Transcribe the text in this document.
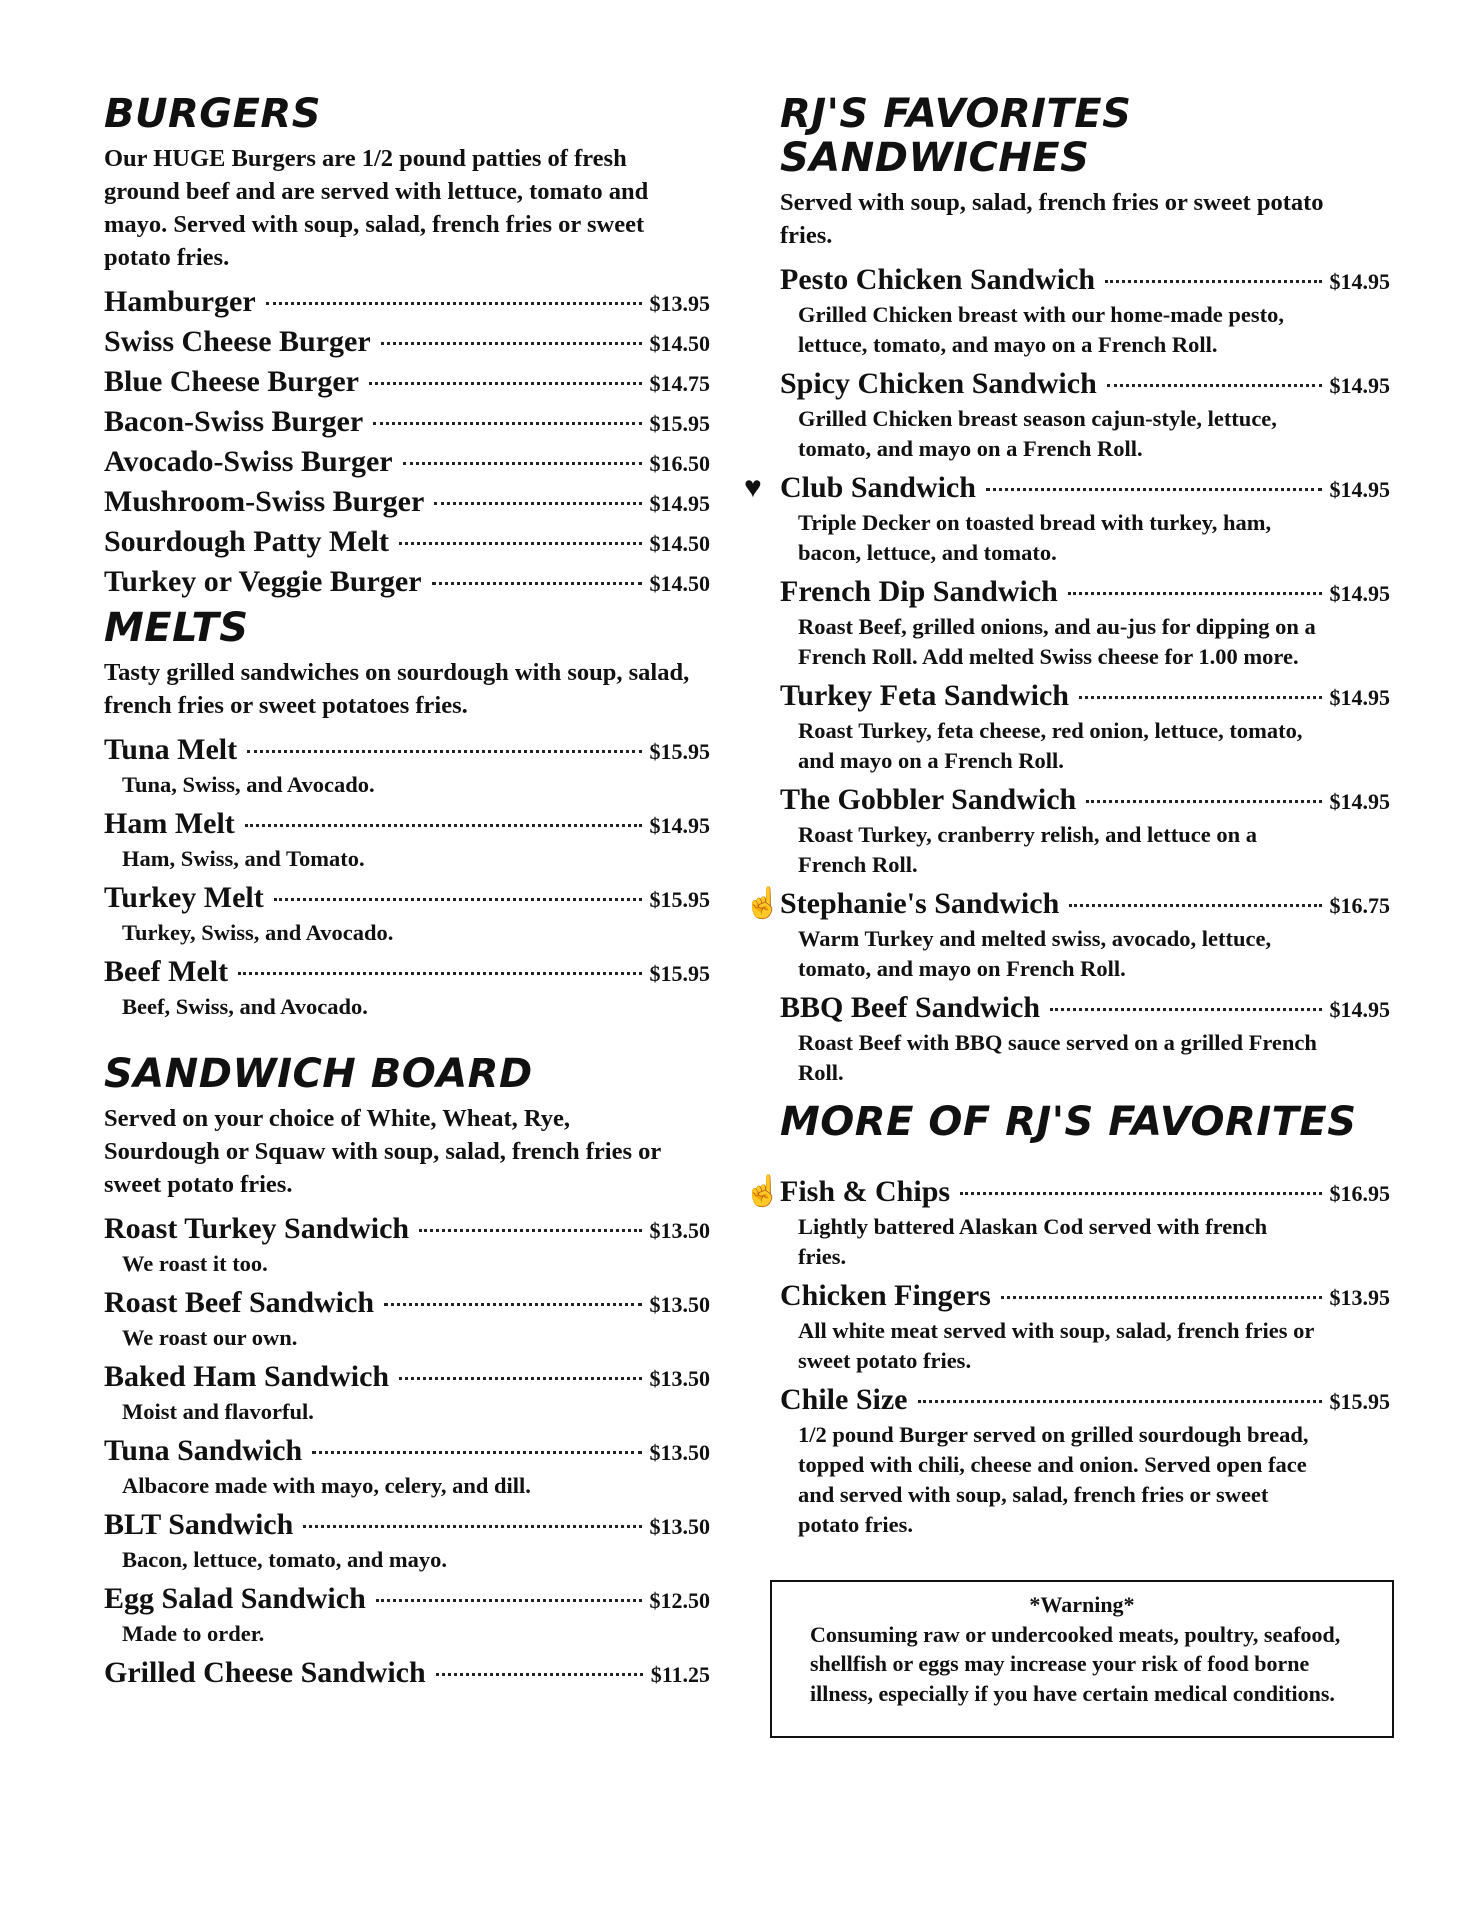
BURGERS
Our HUGE Burgers are 1/2 pound patties of fresh ground beef and are served with lettuce, tomato and mayo. Served with soup, salad, french fries or sweet potato fries.
Hamburger	$13.95
Swiss Cheese Burger	$14.50
Blue Cheese Burger	$14.75
Bacon-Swiss Burger	$15.95
Avocado-Swiss Burger	$16.50
Mushroom-Swiss Burger	$14.95
Sourdough Patty Melt	$14.50
Turkey or Veggie Burger	$14.50
MELTS
Tasty grilled sandwiches on sourdough with soup, salad, french fries or sweet potatoes fries.
Tuna Melt	$15.95
Tuna, Swiss, and Avocado.
Ham Melt	$14.95
Ham, Swiss, and Tomato.
Turkey Melt	$15.95
Turkey, Swiss, and Avocado.
Beef Melt	$15.95
Beef, Swiss, and Avocado.
SANDWICH BOARD
Served on your choice of White, Wheat, Rye, Sourdough or Squaw with soup, salad, french fries or sweet potato fries.
Roast Turkey Sandwich	$13.50
We roast it too.
Roast Beef Sandwich	$13.50
We roast our own.
Baked Ham Sandwich	$13.50
Moist and flavorful.
Tuna Sandwich	$13.50
Albacore made with mayo, celery, and dill.
BLT Sandwich	$13.50
Bacon, lettuce, tomato, and mayo.
Egg Salad Sandwich	$12.50
Made to order.
Grilled Cheese Sandwich	$11.25
RJ'S FAVORITES SANDWICHES
Served with soup, salad, french fries or sweet potato fries.
Pesto Chicken Sandwich	$14.95
Grilled Chicken breast with our home-made pesto, lettuce, tomato, and mayo on a French Roll.
Spicy Chicken Sandwich	$14.95
Grilled Chicken breast season cajun-style, lettuce, tomato, and mayo on a French Roll.
♥ Club Sandwich	$14.95
Triple Decker on toasted bread with turkey, ham, bacon, lettuce, and tomato.
French Dip Sandwich	$14.95
Roast Beef, grilled onions, and au-jus for dipping on a French Roll. Add melted Swiss cheese for 1.00 more.
Turkey Feta Sandwich	$14.95
Roast Turkey, feta cheese, red onion, lettuce, tomato, and mayo on a French Roll.
The Gobbler Sandwich	$14.95
Roast Turkey, cranberry relish, and lettuce on a French Roll.
☝
Stephanie's Sandwich	$16.75
Warm Turkey and melted swiss, avocado, lettuce, tomato, and mayo on French Roll.
BBQ Beef Sandwich	$14.95
Roast Beef with BBQ sauce served on a grilled French Roll.
MORE OF RJ'S FAVORITES
☝
Fish & Chips	$16.95
Lightly battered Alaskan Cod served with french fries.
Chicken Fingers	$13.95
All white meat served with soup, salad, french fries or sweet potato fries.
Chile Size	$15.95
1/2 pound Burger served on grilled sourdough bread, topped with chili, cheese and onion. Served open face and served with soup, salad, french fries or sweet potato fries.
*Warning*
Consuming raw or undercooked meats, poultry, seafood, shellfish or eggs may increase your risk of food borne illness, especially if you have certain medical conditions.
